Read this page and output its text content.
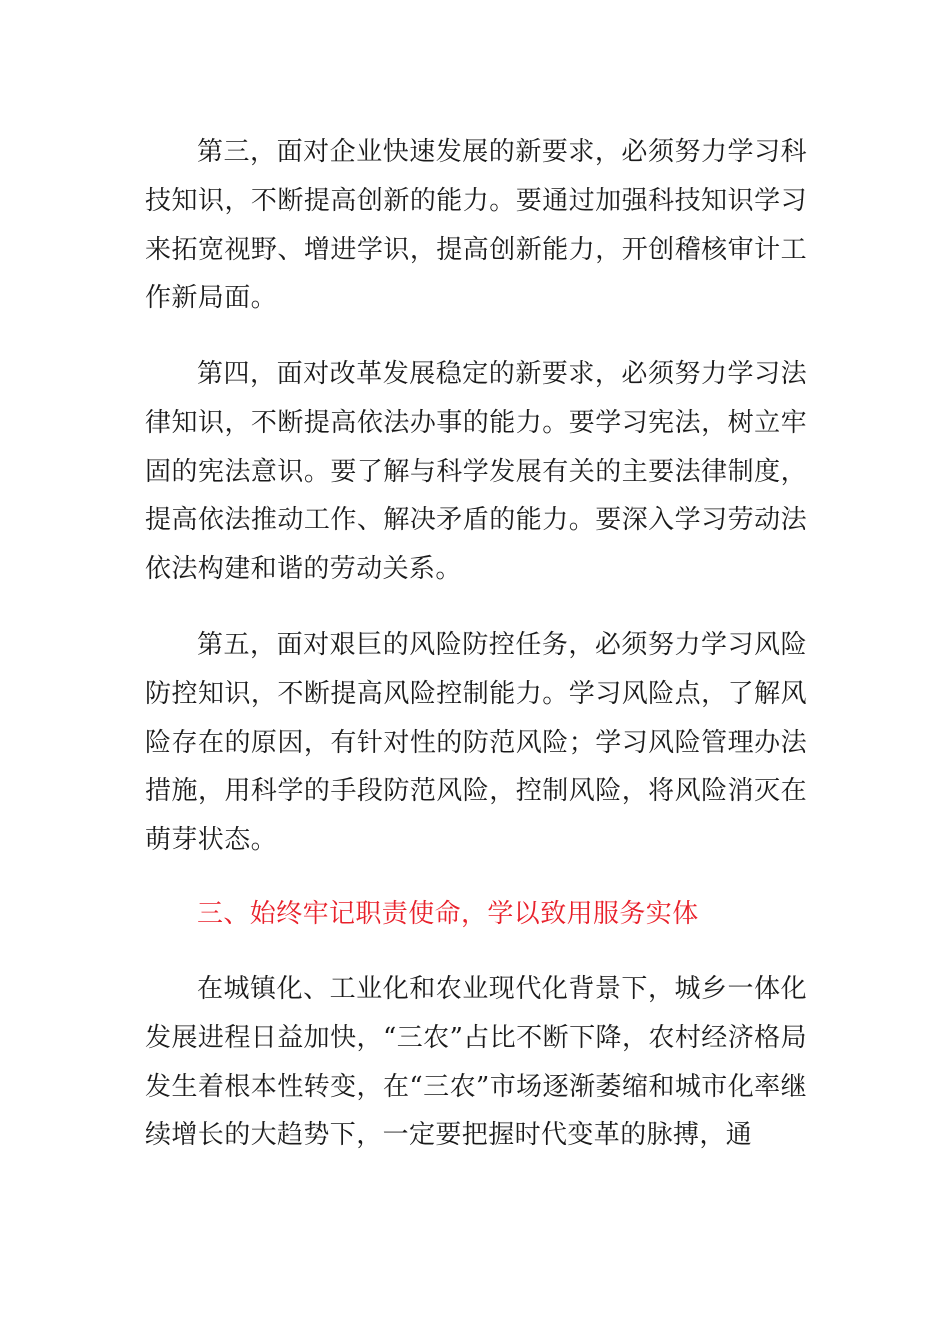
第三，面对企业快速发展的新要求，必须努力学习科技知识，不断提高创新的能力。要通过加强科技知识学习来拓宽视野、增进学识，提高创新能力，开创稽核审计工作新局面。

第四，面对改革发展稳定的新要求，必须努力学习法律知识，不断提高依法办事的能力。要学习宪法，树立牢固的宪法意识。要了解与科学发展有关的主要法律制度，提高依法推动工作、解决矛盾的能力。要深入学习劳动法依法构建和谐的劳动关系。

第五，面对艰巨的风险防控任务，必须努力学习风险防控知识，不断提高风险控制能力。学习风险点，了解风险存在的原因，有针对性的防范风险；学习风险管理办法措施，用科学的手段防范风险，控制风险，将风险消灭在萌芽状态。

三、始终牢记职责使命，学以致用服务实体

在城镇化、工业化和农业现代化背景下，城乡一体化发展进程日益加快，“三农”占比不断下降，农村经济格局发生着根本性转变，在“三农”市场逐渐萎缩和城市化率继续增长的大趋势下，一定要把握时代变革的脉搏，通
